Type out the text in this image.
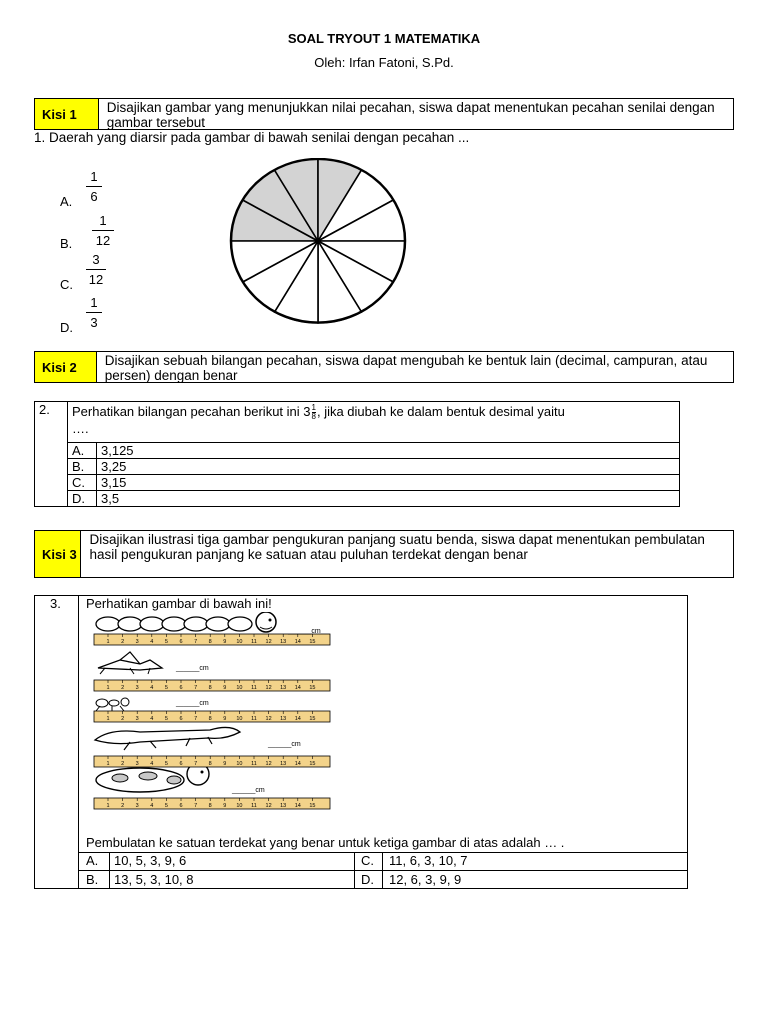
SOAL TRYOUT 1 MATEMATIKA
Oleh: Irfan Fatoni, S.Pd.
Kisi 1	Disajikan gambar yang menunjukkan nilai pecahan, siswa dapat menentukan pecahan senilai dengan gambar tersebut
1. Daerah yang diarsir pada gambar di bawah senilai dengan pecahan ...
A.
1
6
B.
1
12
C.
3
12
D.
1
3
Kisi 2	Disajikan sebuah bilangan pecahan, siswa dapat mengubah ke bentuk lain (decimal, campuran, atau persen) dengan benar
2.	Perhatikan bilangan pecahan berikut ini $3 \frac{1}{8}$ , jika diubah ke dalam bentuk desimal yaitu
….	
	A.	3,125
	B.	3,25
	C.	3,15
	D.	3,5
Kisi 3
Disajikan ilustrasi tiga gambar pengukuran panjang suatu benda, siswa dapat menentukan pembulatan hasil pengukuran panjang ke satuan atau puluhan terdekat dengan benar
3. Perhatikan gambar di bawah ini!
1 2 3 4 5 6 7 8 9 10 11 12 13 14 15
1 2 3 4 5 6 7 8 9 10 11 12 13 14 15
1 2 3 4 5 6 7 8 9 10 11 12 13 14 15
1 2 3 4 5 6 7 8 9 10 11 12 13 14 15
1 2 3 4 5 6 7 8 9 10 11 12 13 14 15
______cm
______cm
______cm
______cm
______cm
Pembulatan ke satuan terdekat yang benar untuk ketiga gambar di atas adalah … .
A. 10, 5, 3, 9, 6
B. 13, 5, 3, 10, 8
C. 11, 6, 3, 10, 7
D. 12, 6, 3, 9, 9
